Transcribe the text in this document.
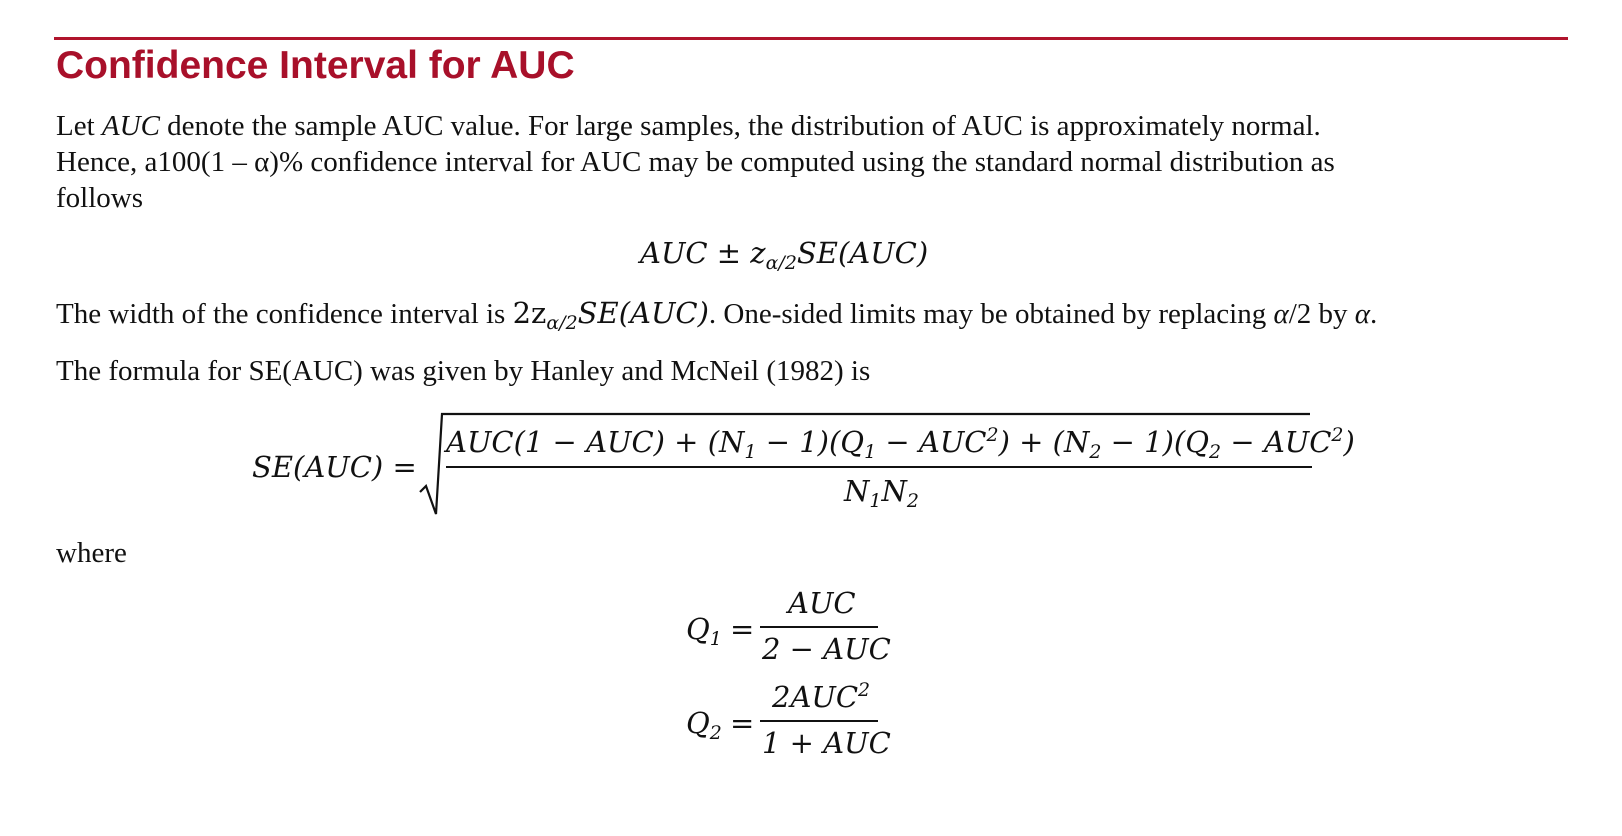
Confidence Interval for AUC

Let AUC denote the sample AUC value. For large samples, the distribution of AUC is approximately normal.

Hence, a100(1 – α)% confidence interval for AUC may be computed using the standard normal distribution as

follows

AUC ± $z_{\alpha/2}SE(AUC)$

The width of the confidence interval is $2z_{\alpha/2}SE(AUC)$. One-sided limits may be obtained by replacing α/2 by α.

The formula for SE(AUC) was given by Hanley and McNeil (1982) is

SE(AUC) =
$AUC(1 - AUC) + (N_1 - 1)(Q_1 - AUC^2) + (N_2 - 1)(Q_2 - AUC^2)$
$N_1N_2$

where

$Q_1$ =
AUC
2 − AUC
$Q_2$ =
$2AUC^2$
1 + AUC
